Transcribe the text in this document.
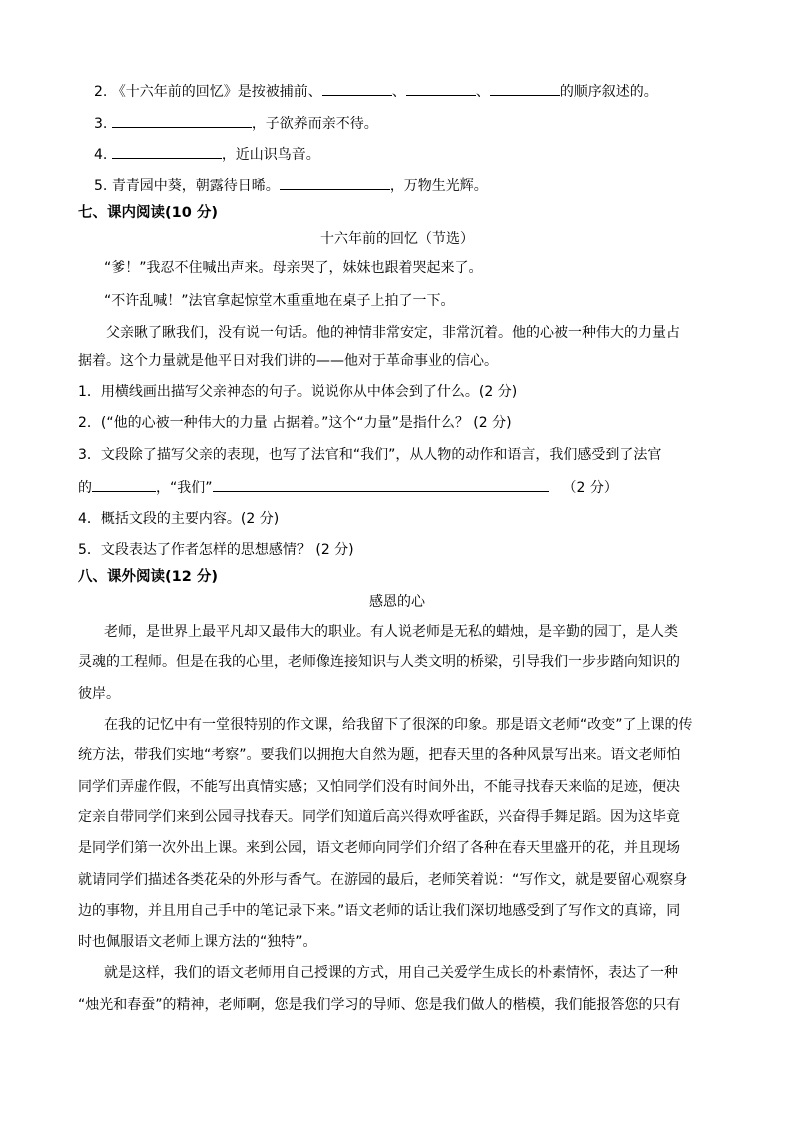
2. 《十六年前的回忆》是按被捕前、	、	、	的顺序叙述的。
3.	，子欲养而亲不待。
4.	，近山识鸟音。
5. 青青园中葵，朝露待日晞。	，万物生光辉。
七、课内阅读(10 分)
十六年前的回忆（节选）
“爹！”我忍不住喊出声来。母亲哭了，妹妹也跟着哭起来了。
“不许乱喊！”法官拿起惊堂木重重地在桌子上拍了一下。
父亲瞅了瞅我们，没有说一句话。他的神情非常安定，非常沉着。他的心被一种伟大的力量占
据着。这个力量就是他平日对我们讲的——他对于革命事业的信心。
1．用横线画出描写父亲神态的句子。说说你从中体会到了什么。(2 分)
2．(“他的心被一种伟大的力量 占据着。”这个“力量”是指什么？ (2 分)
3．文段除了描写父亲的表现，也写了法官和“我们”，从人物的动作和语言，我们感受到了法官
的	，“我们”	（2 分）
4．概括文段的主要内容。(2 分)
5．文段表达了作者怎样的思想感情？ (2 分)
八、课外阅读(12 分)
感恩的心
老师，是世界上最平凡却又最伟大的职业。有人说老师是无私的蜡烛，是辛勤的园丁，是人类
灵魂的工程师。但是在我的心里，老师像连接知识与人类文明的桥梁，引导我们一步步踏向知识的
彼岸。
在我的记忆中有一堂很特别的作文课，给我留下了很深的印象。那是语文老师“改变”了上课的传
统方法，带我们实地“考察”。要我们以拥抱大自然为题，把春天里的各种风景写出来。语文老师怕
同学们弄虚作假，不能写出真情实感；又怕同学们没有时间外出，不能寻找春天来临的足迹，便决
定亲自带同学们来到公园寻找春天。同学们知道后高兴得欢呼雀跃，兴奋得手舞足蹈。因为这毕竟
是同学们第一次外出上课。来到公园，语文老师向同学们介绍了各种在春天里盛开的花，并且现场
就请同学们描述各类花朵的外形与香气。在游园的最后，老师笑着说：“写作文，就是要留心观察身
边的事物，并且用自己手中的笔记录下来。”语文老师的话让我们深切地感受到了写作文的真谛，同
时也佩服语文老师上课方法的“独特”。
就是这样，我们的语文老师用自己授课的方式，用自己关爱学生成长的朴素情怀，表达了一种
“烛光和春蚕”的精神，老师啊，您是我们学习的导师、您是我们做人的楷模，我们能报答您的只有
